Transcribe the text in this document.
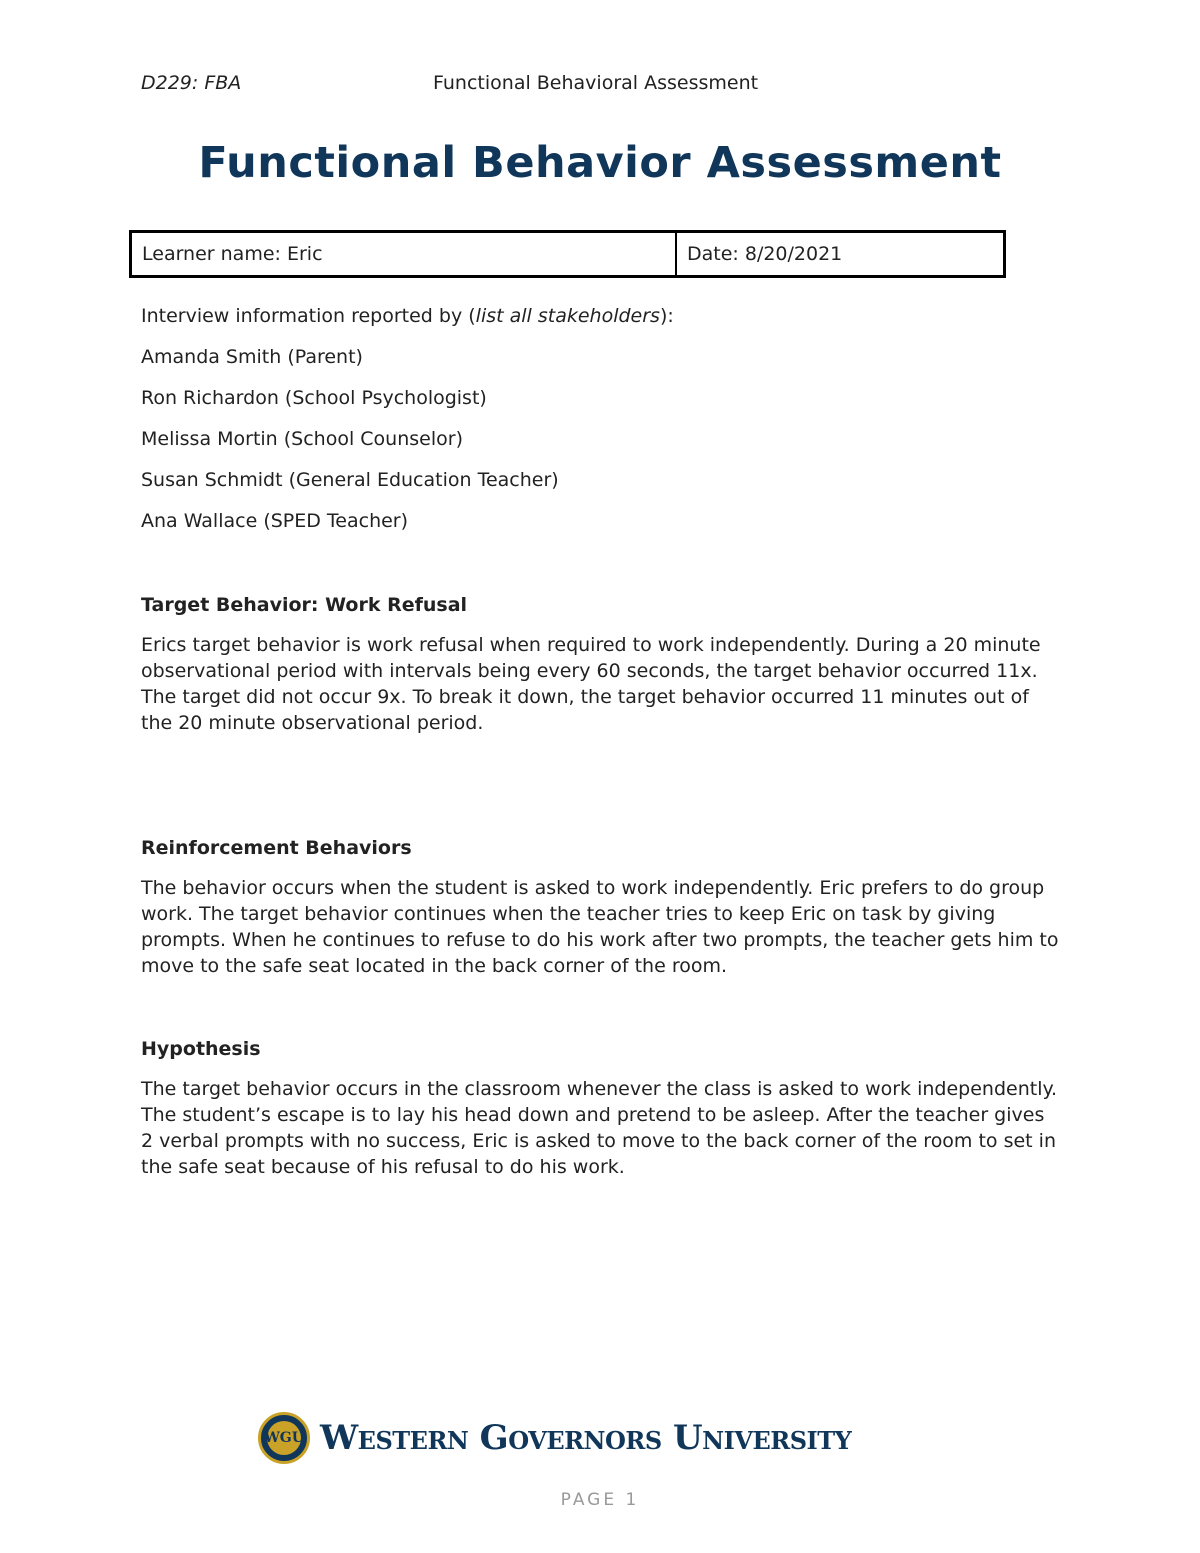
D229: FBA	Functional Behavioral Assessment
Functional Behavior Assessment
Learner name: Eric	Date: 8/20/2021

Interview information reported by (list all stakeholders):

Amanda Smith (Parent)

Ron Richardon (School Psychologist)

Melissa Mortin (School Counselor)

Susan Schmidt (General Education Teacher)

Ana Wallace (SPED Teacher)

Target Behavior: Work Refusal

Erics target behavior is work refusal when required to work independently. During a 20 minute observational period with intervals being every 60 seconds, the target behavior occurred 11x. The target did not occur 9x. To break it down, the target behavior occurred 11 minutes out of the 20 minute observational period.

Reinforcement Behaviors

The behavior occurs when the student is asked to work independently. Eric prefers to do group work. The target behavior continues when the teacher tries to keep Eric on task by giving prompts. When he continues to refuse to do his work after two prompts, the teacher gets him to move to the safe seat located in the back corner of the room.

Hypothesis

The target behavior occurs in the classroom whenever the class is asked to work independently. The student’s escape is to lay his head down and pretend to be asleep. After the teacher gives 2 verbal prompts with no success, Eric is asked to move to the back corner of the room to set in the safe seat because of his refusal to do his work.

WGU Western Governors University
PAGE 1
